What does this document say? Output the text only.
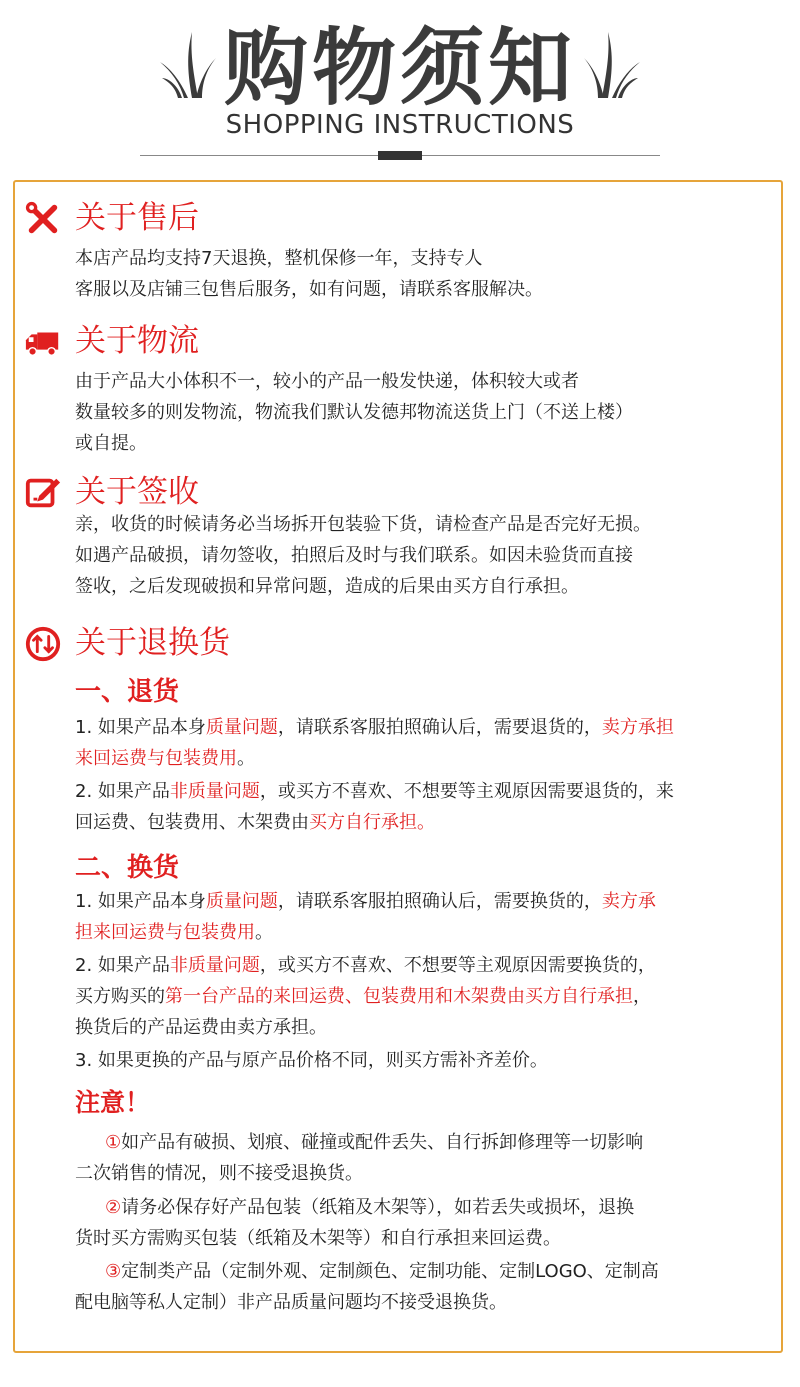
购物须知
SHOPPING INSTRUCTIONS
关于售后
本店产品均支持7天退换，整机保修一年，支持专人
客服以及店铺三包售后服务，如有问题，请联系客服解决。
关于物流
由于产品大小体积不一，较小的产品一般发快递，体积较大或者
数量较多的则发物流，物流我们默认发德邦物流送货上门（不送上楼）
或自提。
关于签收
亲，收货的时候请务必当场拆开包装验下货，请检查产品是否完好无损。
如遇产品破损，请勿签收，拍照后及时与我们联系。如因未验货而直接
签收，之后发现破损和异常问题，造成的后果由买方自行承担。
关于退换货
一、退货
1. 如果产品本身质量问题，请联系客服拍照确认后，需要退货的，卖方承担
来回运费与包装费用。
2. 如果产品非质量问题，或买方不喜欢、不想要等主观原因需要退货的，来
回运费、包装费用、木架费由买方自行承担。
二、换货
1. 如果产品本身质量问题，请联系客服拍照确认后，需要换货的，卖方承
担来回运费与包装费用。
2. 如果产品非质量问题，或买方不喜欢、不想要等主观原因需要换货的，
买方购买的第一台产品的来回运费、包装费用和木架费由买方自行承担，
换货后的产品运费由卖方承担。
3. 如果更换的产品与原产品价格不同，则买方需补齐差价。
注意！
①如产品有破损、划痕、碰撞或配件丢失、自行拆卸修理等一切影响
二次销售的情况，则不接受退换货。
②请务必保存好产品包装（纸箱及木架等），如若丢失或损坏，退换
货时买方需购买包装（纸箱及木架等）和自行承担来回运费。
③定制类产品（定制外观、定制颜色、定制功能、定制LOGO、定制高
配电脑等私人定制）非产品质量问题均不接受退换货。
